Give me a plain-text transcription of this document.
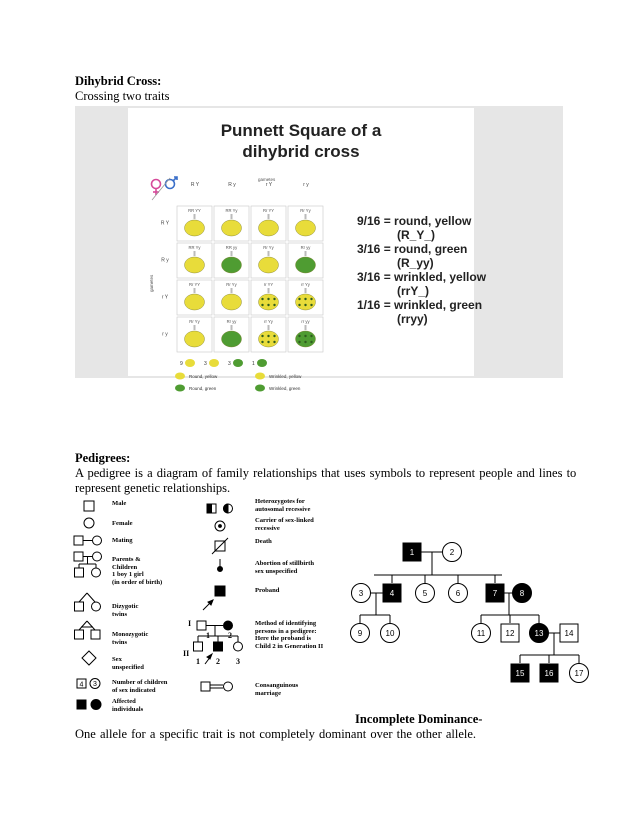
Dihybrid Cross:
Crossing two traits
Punnett Square of a
dihybrid cross
gametes
gametes
R Y	R y	r Y	r y
R Y
R y
r Y
r y
RR YY	RR Yy	Rr YY	Rr Yy
RR Yy	RR yy	Rr Yy	Rr yy
Rr YY	Rr Yy	rr YY	rr Yy
Rr Yy	Rr yy	rr Yy	rr yy
9	3	3	1
Round, yellow	Wrinkled, yellow
Round, green	Wrinkled, green
9/16 = round, yellow
(R_Y_)
3/16 = round, green
(R_yy)
3/16 = wrinkled, yellow
(rrY_)
1/16 = wrinkled, green
(rryy)
Pedigrees:
A pedigree is a diagram of family relationships that uses symbols to represent people and lines to
represent genetic relationships.
4 3
I
II
1 2
1 2 3
Male
Female
Mating
Parents &
Children
1 boy 1 girl
(in order of birth)
Dizygotic
twins
Monozygotic
twins
Sex
unspecified
Number of children
of sex indicated
Affected
individuals
Heterozygotes for
autosomal recessive
Carrier of sex-linked
recessive
Death
Abortion of stillbirth
sex unspecified
Proband
Method of identifying
persons in a pedigree:
Here the proband is
Child 2 in Generation II
Consanguinous
marriage
1	2
3	4	5	6	7	8
9	10	11	12	13	14
15	16	17
Incomplete Dominance-
One allele for a specific trait is not completely dominant over the other allele.
